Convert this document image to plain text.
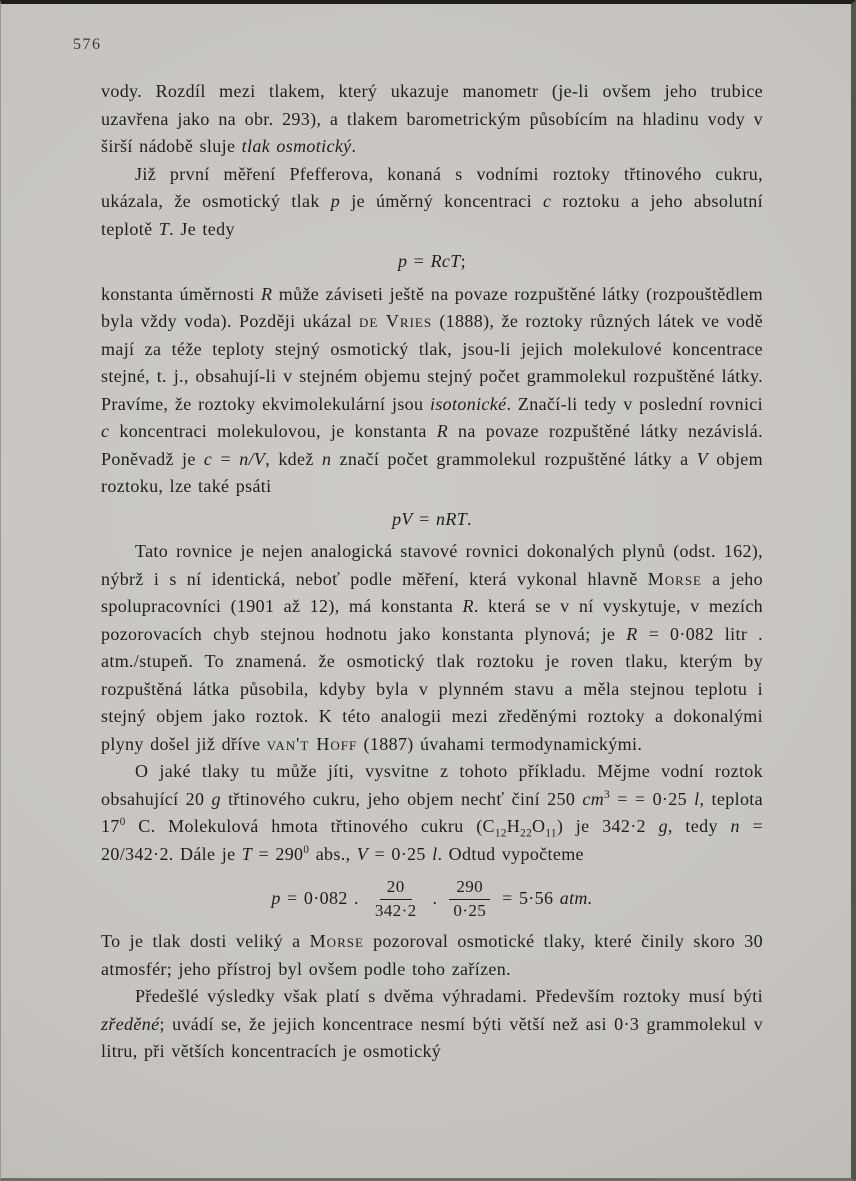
576

vody. Rozdíl mezi tlakem, který ukazuje manometr (je-li ovšem jeho trubice uzavřena jako na obr. 293), a tlakem barometrickým působícím na hladinu vody v širší nádobě sluje tlak osmotický.

Již první měření Pfefferova, konaná s vodními roztoky třtinového cukru, ukázala, že osmotický tlak p je úměrný koncentraci c roztoku a jeho absolutní teplotě T. Je tedy

p = RcT;

konstanta úměrnosti R může záviseti ještě na povaze rozpuštěné látky (rozpouštědlem byla vždy voda). Později ukázal de Vries (1888), že roztoky různých látek ve vodě mají za téže teploty stejný osmotický tlak, jsou-li jejich molekulové koncentrace stejné, t. j., obsahují-li v stejném objemu stejný počet grammolekul rozpuštěné látky. Pravíme, že roztoky ekvimolekulární jsou isotonické. Značí-li tedy v poslední rovnici c koncentraci molekulovou, je konstanta R na povaze rozpuštěné látky nezávislá. Poněvadž je c = n/V, kdež n značí počet grammolekul rozpuštěné látky a V objem roztoku, lze také psáti

pV = nRT.

Tato rovnice je nejen analogická stavové rovnici dokonalých plynů (odst. 162), nýbrž i s ní identická, neboť podle měření, která vykonal hlavně Morse a jeho spolupracovníci (1901 až 12), má konstanta R. která se v ní vyskytuje, v mezích pozorovacích chyb stejnou hodnotu jako konstanta plynová; je R = 0·082 litr . atm./stupeň. To znamená. že osmotický tlak roztoku je roven tlaku, kterým by rozpuštěná látka působila, kdyby byla v plynném stavu a měla stejnou teplotu i stejný objem jako roztok. K této analogii mezi zředěnými roztoky a dokonalými plyny došel již dříve van't Hoff (1887) úvahami termodynamickými.

O jaké tlaky tu může jíti, vysvitne z tohoto příkladu. Mějme vodní roztok obsahující 20 g třtinového cukru, jeho objem nechť činí 250 $cm^3$ = = 0·25 l, teplota $17^0$ C. Molekulová hmota třtinového cukru $(C_{12}H_{22}O_{11})$ je 342·2 g, tedy n = 20/342·2. Dále je $T = 290^0$ abs., V = 0·25 l. Odtud vypočteme

p = 0·082 . $\frac{20}{342\cdot 2}$ . $\frac{290}{0\cdot 25} = 5\cdot 56$ atm.

To je tlak dosti veliký a Morse pozoroval osmotické tlaky, které činily skoro 30 atmosfér; jeho přístroj byl ovšem podle toho zařízen.

Předešlé výsledky však platí s dvěma výhradami. Především roztoky musí býti zředěné; uvádí se, že jejich koncentrace nesmí býti větší než asi 0·3 grammolekul v litru, při větších koncentracích je osmotický
